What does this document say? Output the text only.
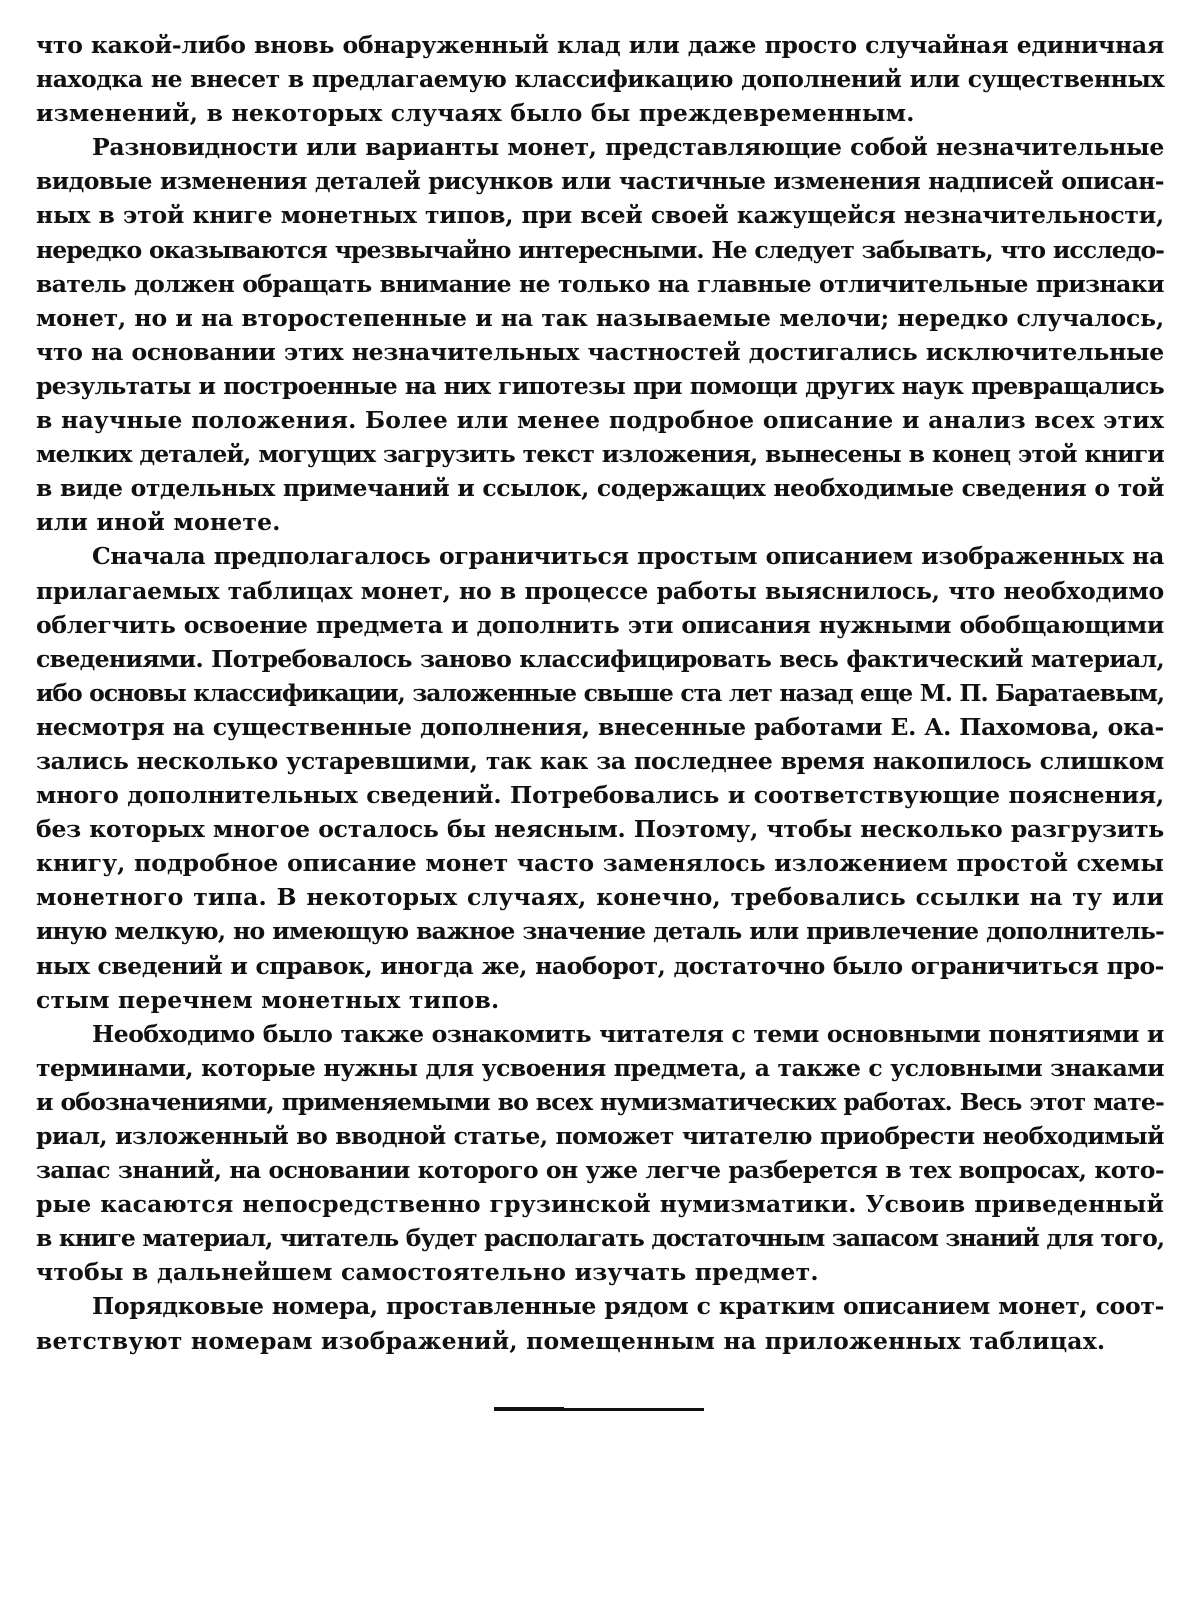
что какой-либо вновь обнаруженный клад или даже просто случайная единичная
находка не внесет в предлагаемую классификацию дополнений или существенных
изменений, в некоторых случаях было бы преждевременным.
Разновидности или варианты монет, представляющие собой незначительные
видовые изменения деталей рисунков или частичные изменения надписей описан-
ных в этой книге монетных типов, при всей своей кажущейся незначительности,
нередко оказываются чрезвычайно интересными. Не следует забывать, что исследо-
ватель должен обращать внимание не только на главные отличительные признаки
монет, но и на второстепенные и на так называемые мелочи; нередко случалось,
что на основании этих незначительных частностей достигались исключительные
результаты и построенные на них гипотезы при помощи других наук превращались
в научные положения. Более или менее подробное описание и анализ всех этих
мелких деталей, могущих загрузить текст изложения, вынесены в конец этой книги
в виде отдельных примечаний и ссылок, содержащих необходимые сведения о той
или иной монете.
Сначала предполагалось ограничиться простым описанием изображенных на
прилагаемых таблицах монет, но в процессе работы выяснилось, что необходимо
облегчить освоение предмета и дополнить эти описания нужными обобщающими
сведениями. Потребовалось заново классифицировать весь фактический материал,
ибо основы классификации, заложенные свыше ста лет назад еще М. П. Баратаевым,
несмотря на существенные дополнения, внесенные работами Е. А. Пахомова, ока-
зались несколько устаревшими, так как за последнее время накопилось слишком
много дополнительных сведений. Потребовались и соответствующие пояснения,
без которых многое осталось бы неясным. Поэтому, чтобы несколько разгрузить
книгу, подробное описание монет часто заменялось изложением простой схемы
монетного типа. В некоторых случаях, конечно, требовались ссылки на ту или
иную мелкую, но имеющую важное значение деталь или привлечение дополнитель-
ных сведений и справок, иногда же, наоборот, достаточно было ограничиться про-
стым перечнем монетных типов.
Необходимо было также ознакомить читателя с теми основными понятиями и
терминами, которые нужны для усвоения предмета, а также с условными знаками
и обозначениями, применяемыми во всех нумизматических работах. Весь этот мате-
риал, изложенный во вводной статье, поможет читателю приобрести необходимый
запас знаний, на основании которого он уже легче разберется в тех вопросах, кото-
рые касаются непосредственно грузинской нумизматики. Усвоив приведенный
в книге материал, читатель будет располагать достаточным запасом знаний для того,
чтобы в дальнейшем самостоятельно изучать предмет.
Порядковые номера, проставленные рядом с кратким описанием монет, соот-
ветствуют номерам изображений, помещенным на приложенных таблицах.
